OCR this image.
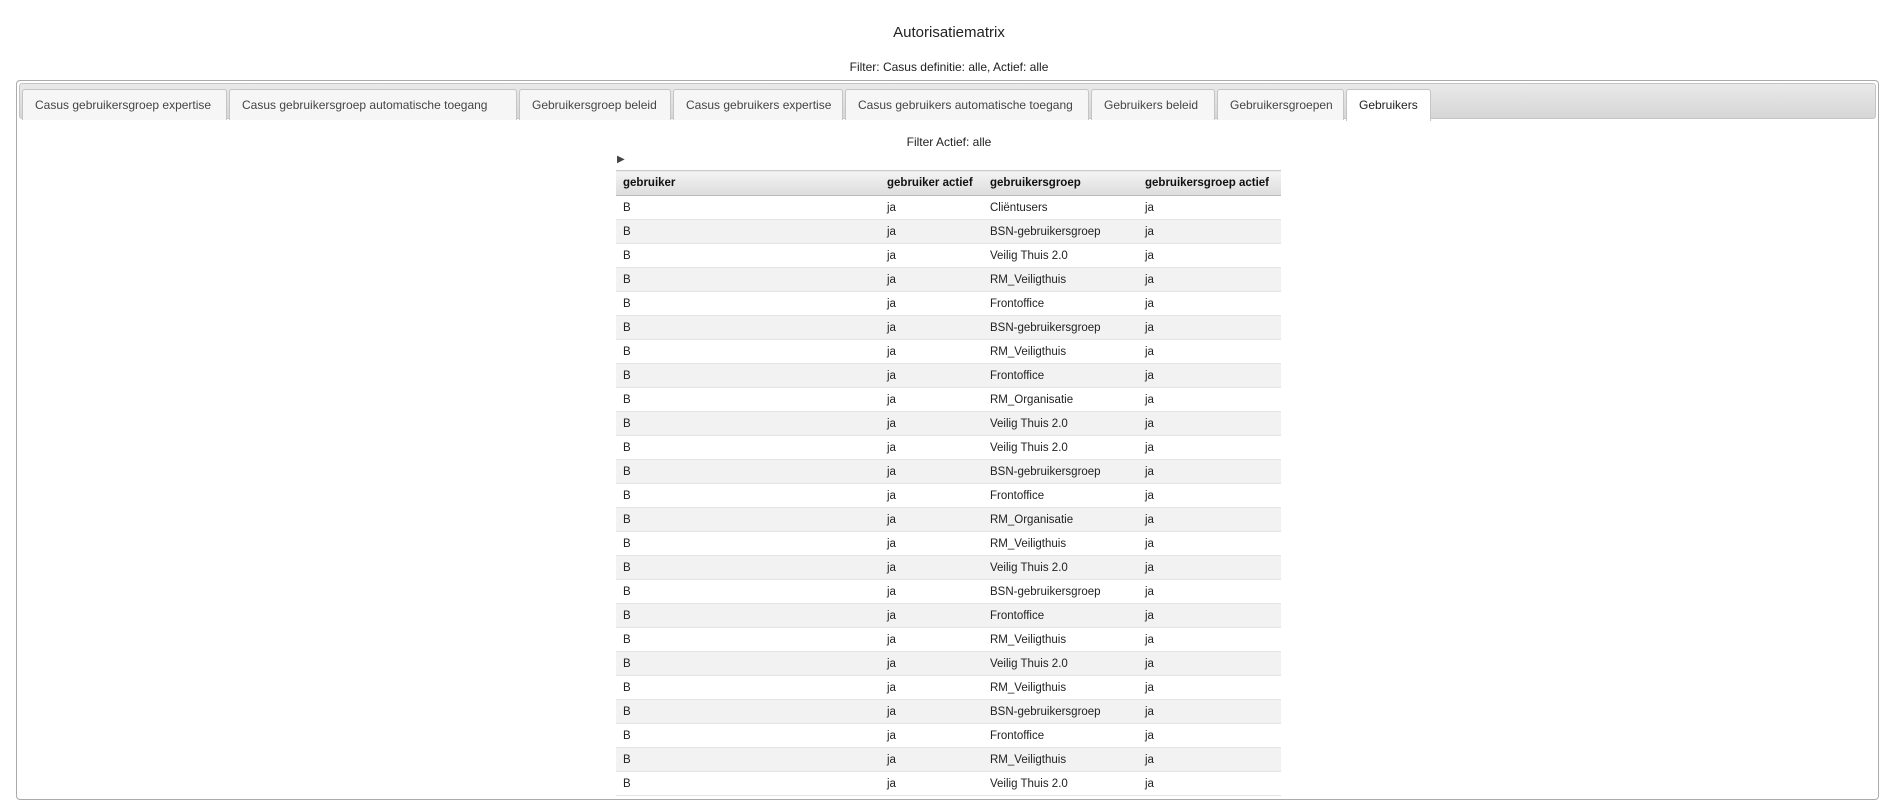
Autorisatiematrix
Filter: Casus definitie: alle, Actief: alle
Casus gebruikersgroep expertise	Casus gebruikersgroep automatische toegang	Gebruikersgroep beleid	Casus gebruikers expertise	Casus gebruikers automatische toegang	Gebruikers beleid	Gebruikersgroepen	Gebruikers
Filter Actief: alle
▶
gebruiker	gebruiker actief	gebruikersgroep	gebruikersgroep actief
B	ja	Cliëntusers	ja
B	ja	BSN-gebruikersgroep	ja
B	ja	Veilig Thuis 2.0	ja
B	ja	RM_Veiligthuis	ja
B	ja	Frontoffice	ja
B	ja	BSN-gebruikersgroep	ja
B	ja	RM_Veiligthuis	ja
B	ja	Frontoffice	ja
B	ja	RM_Organisatie	ja
B	ja	Veilig Thuis 2.0	ja
B	ja	Veilig Thuis 2.0	ja
B	ja	BSN-gebruikersgroep	ja
B	ja	Frontoffice	ja
B	ja	RM_Organisatie	ja
B	ja	RM_Veiligthuis	ja
B	ja	Veilig Thuis 2.0	ja
B	ja	BSN-gebruikersgroep	ja
B	ja	Frontoffice	ja
B	ja	RM_Veiligthuis	ja
B	ja	Veilig Thuis 2.0	ja
B	ja	RM_Veiligthuis	ja
B	ja	BSN-gebruikersgroep	ja
B	ja	Frontoffice	ja
B	ja	RM_Veiligthuis	ja
B	ja	Veilig Thuis 2.0	ja
